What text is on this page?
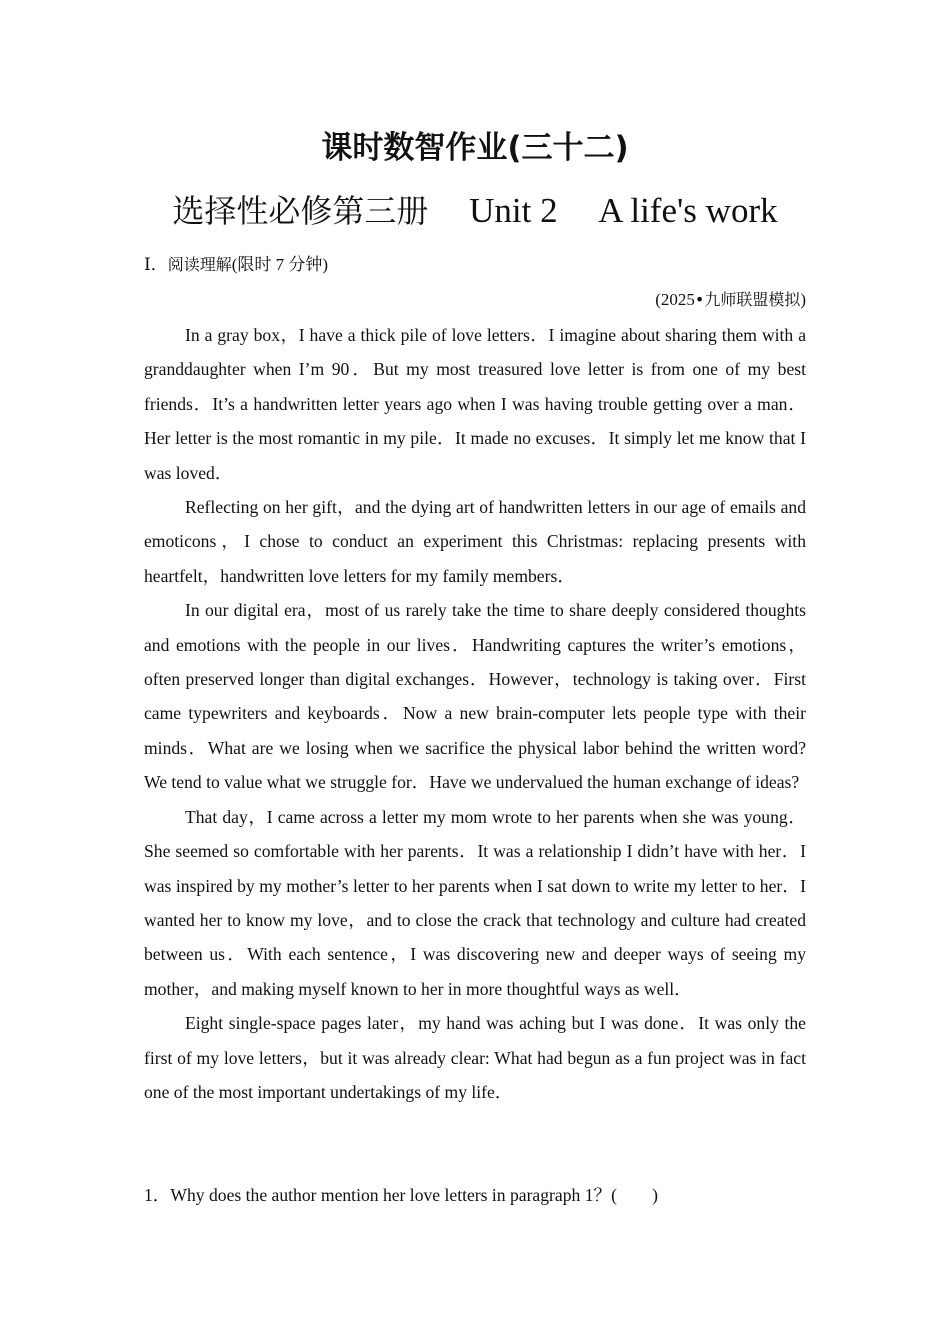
课时数智作业(三十二)
选择性必修第三册 Unit 2 A life's work
Ⅰ．阅读理解(限时 7 分钟)
(2025•九师联盟模拟)

In a gray box，I have a thick pile of love letters．I imagine about sharing them with a granddaughter when I’m 90．But my most treasured love letter is from one of my best friends．It’s a handwritten letter years ago when I was having trouble getting over a man．Her letter is the most romantic in my pile．It made no excuses．It simply let me know that I was loved．

Reflecting on her gift，and the dying art of handwritten letters in our age of emails and emoticons，I chose to conduct an experiment this Christmas: replacing presents with heartfelt，handwritten love letters for my family members．

In our digital era，most of us rarely take the time to share deeply considered thoughts and emotions with the people in our lives．Handwriting captures the writer’s emotions，often preserved longer than digital exchanges．However，technology is taking over．First came typewriters and keyboards．Now a new brain-computer lets people type with their minds．What are we losing when we sacrifice the physical labor behind the written word? We tend to value what we struggle for．Have we undervalued the human exchange of ideas?

That day，I came across a letter my mom wrote to her parents when she was young．She seemed so comfortable with her parents．It was a relationship I didn’t have with her．I was inspired by my mother’s letter to her parents when I sat down to write my letter to her．I wanted her to know my love，and to close the crack that technology and culture had created between us．With each sentence，I was discovering new and deeper ways of seeing my mother，and making myself known to her in more thoughtful ways as well．

Eight single-space pages later，my hand was aching but I was done．It was only the first of my love letters，but it was already clear: What had begun as a fun project was in fact one of the most important undertakings of my life．

1．Why does the author mention her love letters in paragraph 1？(　　)
